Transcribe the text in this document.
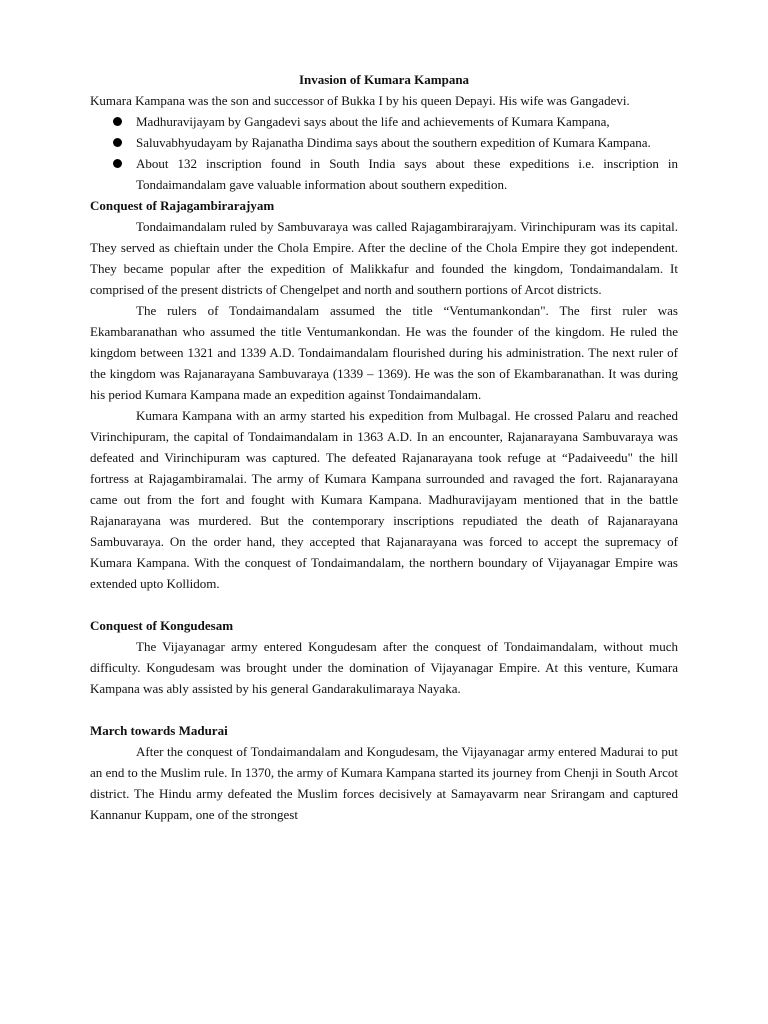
Invasion of Kumara Kampana

Kumara Kampana was the son and successor of Bukka I by his queen Depayi. His wife was Gangadevi.

Madhuravijayam by Gangadevi says about the life and achievements of Kumara Kampana,
Saluvabhyudayam by Rajanatha Dindima says about the southern expedition of Kumara Kampana.
About 132 inscription found in South India says about these expeditions i.e. inscription in Tondaimandalam gave valuable information about southern expedition.

Conquest of Rajagambirarajyam

Tondaimandalam ruled by Sambuvaraya was called Rajagambirarajyam. Virinchipuram was its capital. They served as chieftain under the Chola Empire. After the decline of the Chola Empire they got independent. They became popular after the expedition of Malikkafur and founded the kingdom, Tondaimandalam. It comprised of the present districts of Chengelpet and north and southern portions of Arcot districts.

The rulers of Tondaimandalam assumed the title “Ventumankondan". The first ruler was Ekambaranathan who assumed the title Ventumankondan. He was the founder of the kingdom. He ruled the kingdom between 1321 and 1339 A.D. Tondaimandalam flourished during his administration. The next ruler of the kingdom was Rajanarayana Sambuvaraya (1339 – 1369). He was the son of Ekambaranathan. It was during his period Kumara Kampana made an expedition against Tondaimandalam.

Kumara Kampana with an army started his expedition from Mulbagal. He crossed Palaru and reached Virinchipuram, the capital of Tondaimandalam in 1363 A.D. In an encounter, Rajanarayana Sambuvaraya was defeated and Virinchipuram was captured. The defeated Rajanarayana took refuge at “Padaiveedu" the hill fortress at Rajagambiramalai. The army of Kumara Kampana surrounded and ravaged the fort. Rajanarayana came out from the fort and fought with Kumara Kampana. Madhuravijayam mentioned that in the battle Rajanarayana was murdered. But the contemporary inscriptions repudiated the death of Rajanarayana Sambuvaraya. On the order hand, they accepted that Rajanarayana was forced to accept the supremacy of Kumara Kampana. With the conquest of Tondaimandalam, the northern boundary of Vijayanagar Empire was extended upto Kollidom.

Conquest of Kongudesam

The Vijayanagar army entered Kongudesam after the conquest of Tondaimandalam, without much difficulty. Kongudesam was brought under the domination of Vijayanagar Empire. At this venture, Kumara Kampana was ably assisted by his general Gandarakulimaraya Nayaka.

March towards Madurai

After the conquest of Tondaimandalam and Kongudesam, the Vijayanagar army entered Madurai to put an end to the Muslim rule. In 1370, the army of Kumara Kampana started its journey from Chenji in South Arcot district. The Hindu army defeated the Muslim forces decisively at Samayavarm near Srirangam and captured Kannanur Kuppam, one of the strongest
